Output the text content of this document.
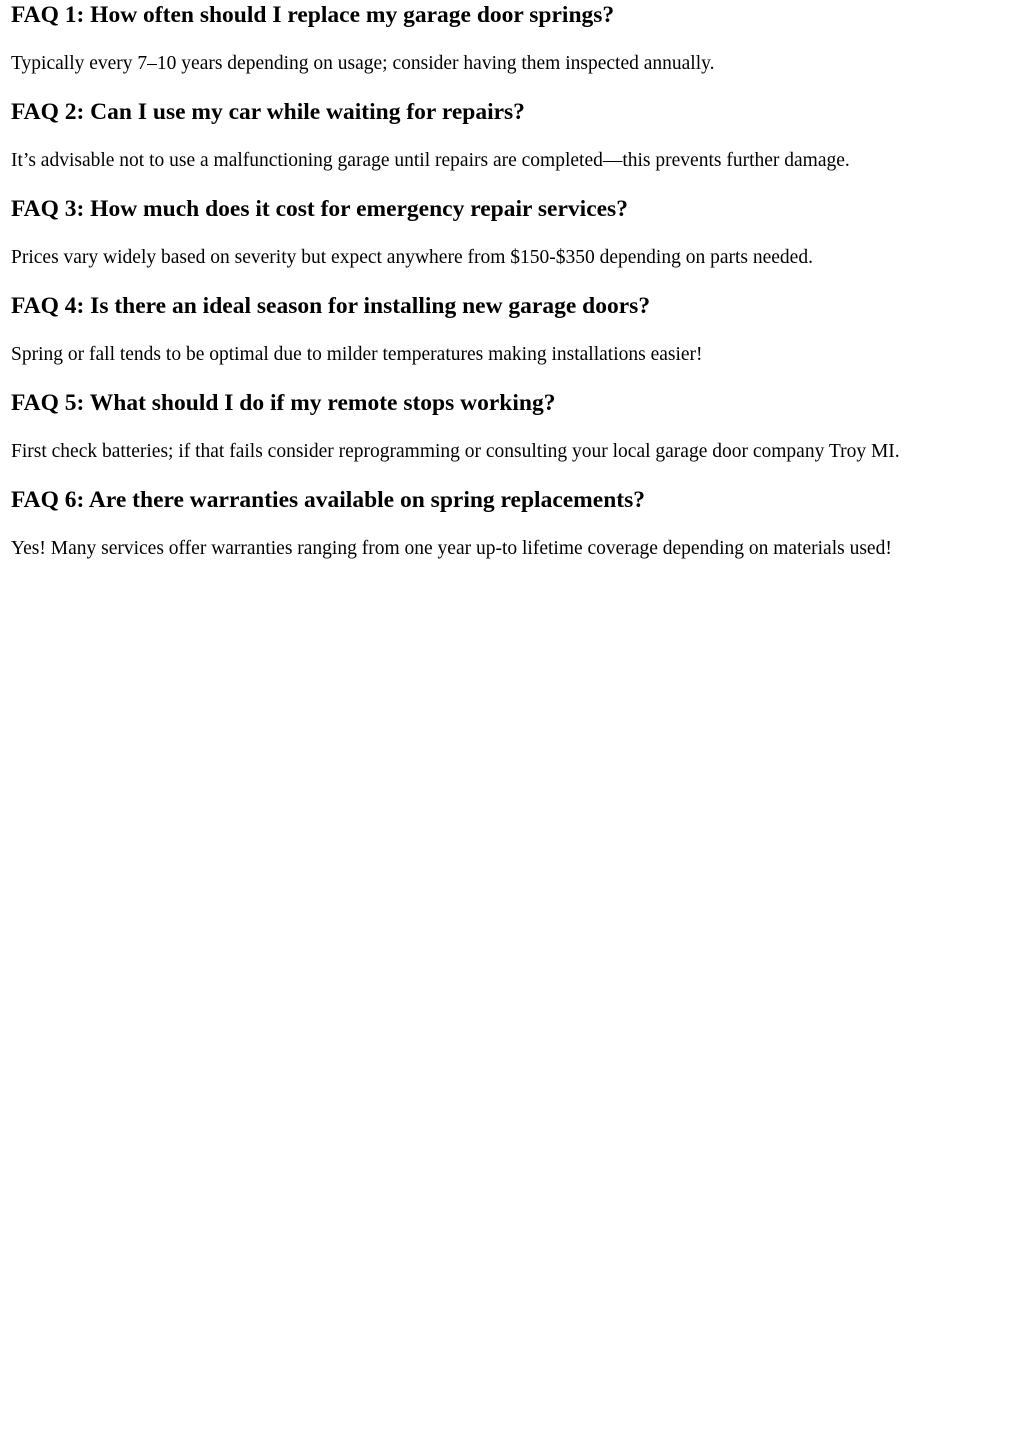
FAQ 1: How often should I replace my garage door springs?

Typically every 7–10 years depending on usage; consider having them inspected annually.

FAQ 2: Can I use my car while waiting for repairs?

It’s advisable not to use a malfunctioning garage until repairs are completed—this prevents further damage.

FAQ 3: How much does it cost for emergency repair services?

Prices vary widely based on severity but expect anywhere from $150-$350 depending on parts needed.

FAQ 4: Is there an ideal season for installing new garage doors?

Spring or fall tends to be optimal due to milder temperatures making installations easier!

FAQ 5: What should I do if my remote stops working?

First check batteries; if that fails consider reprogramming or consulting your local garage door company Troy MI.

FAQ 6: Are there warranties available on spring replacements?

Yes! Many services offer warranties ranging from one year up-to lifetime coverage depending on materials used!
